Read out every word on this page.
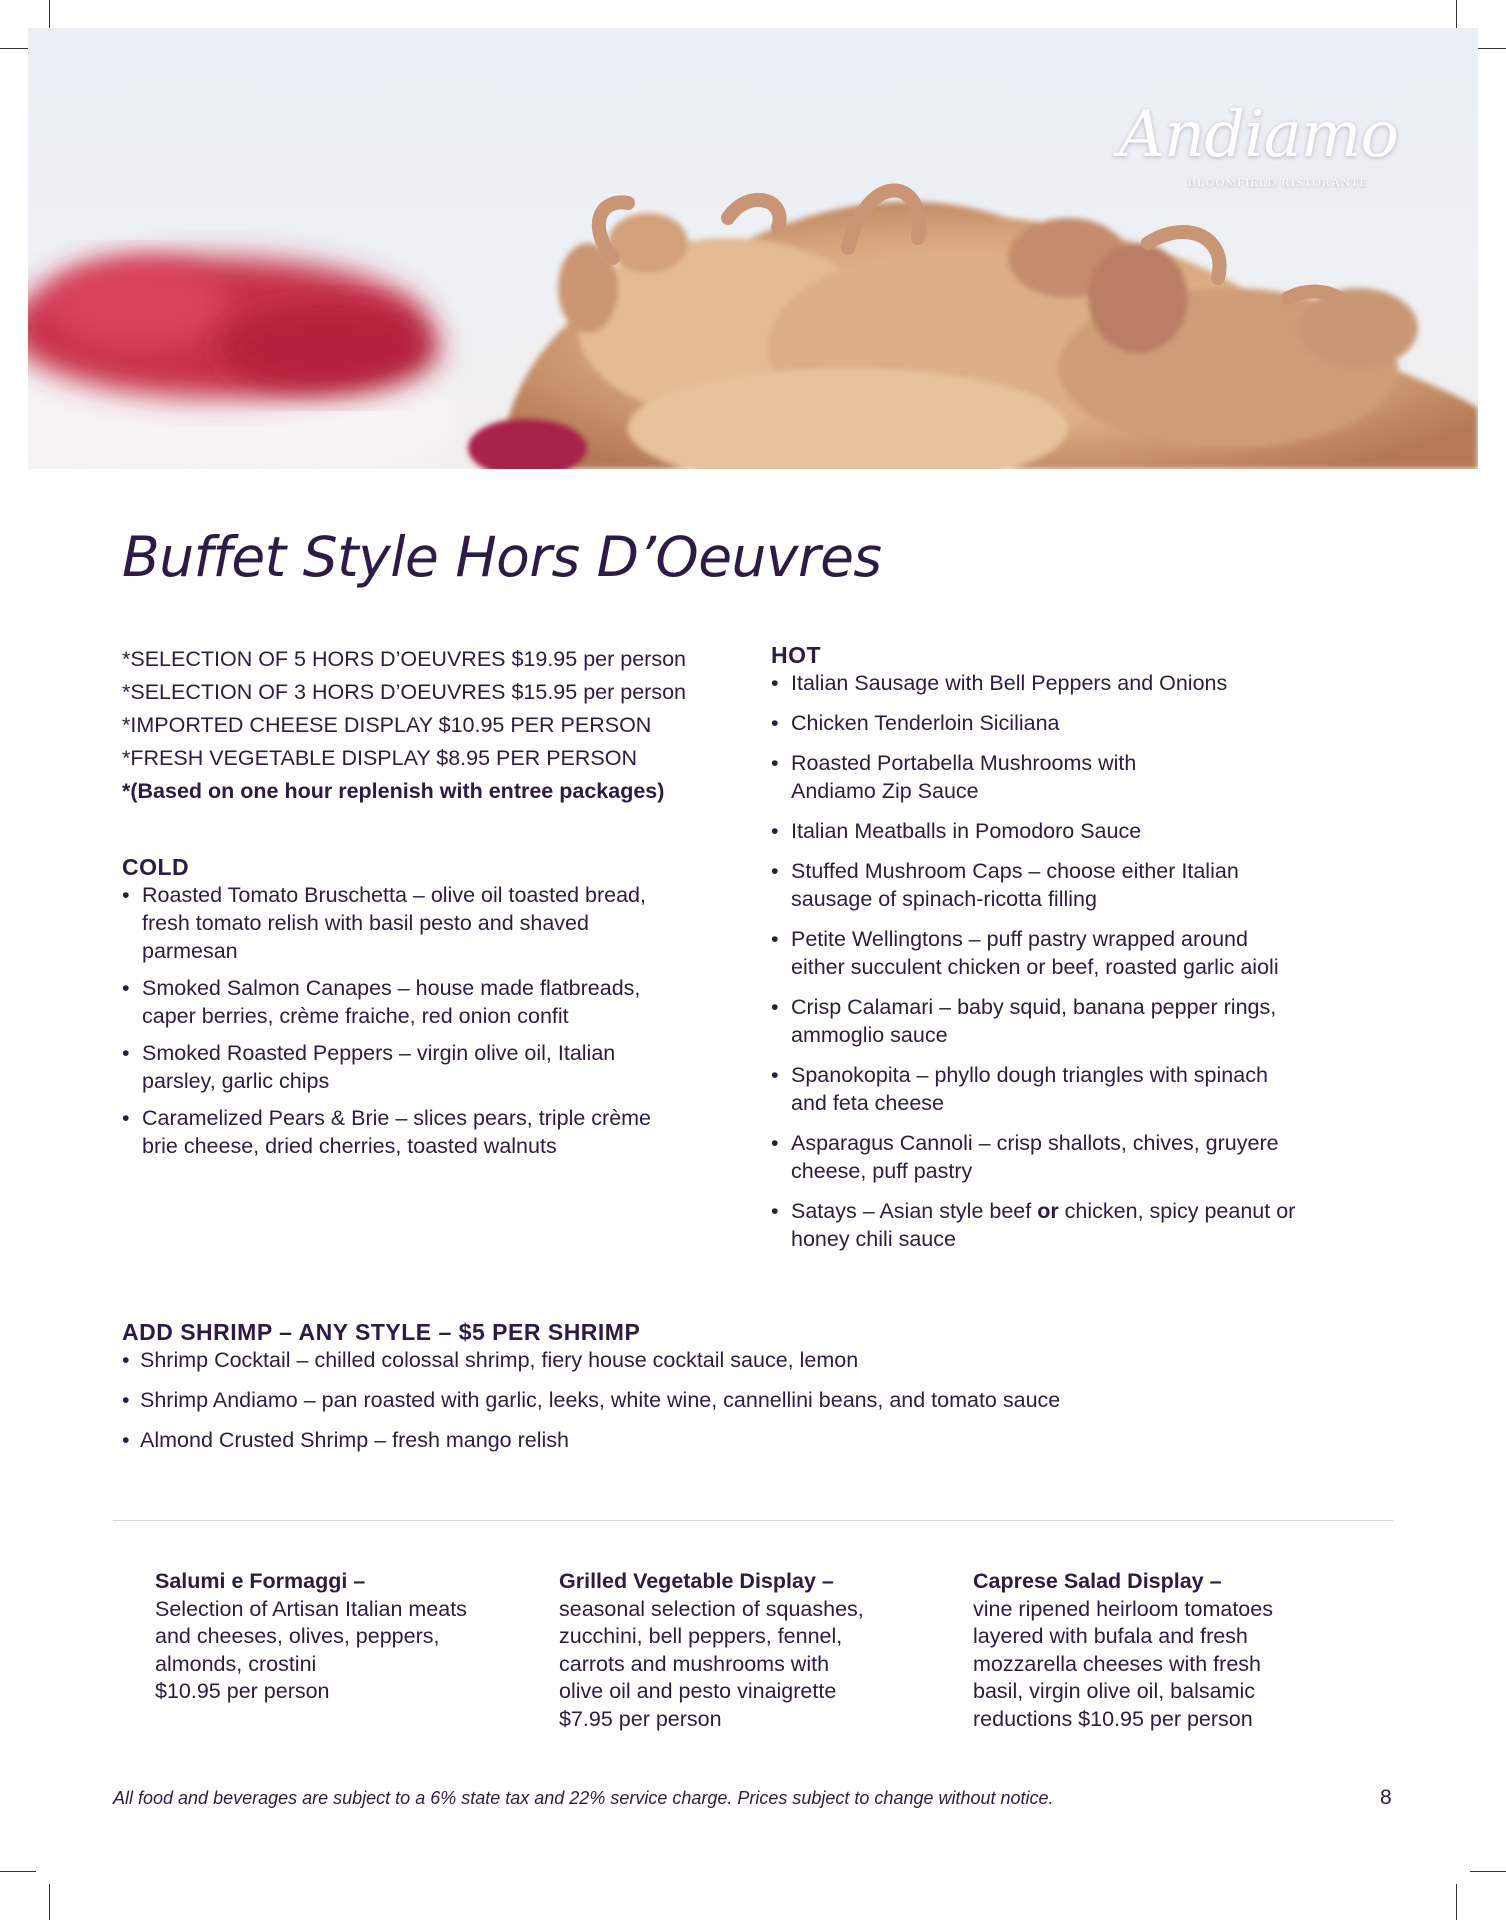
Andiamo
BLOOMFIELD RISTORANTE
Buffet Style Hors D’Oeuvres
*SELECTION OF 5 HORS D’OEUVRES $19.95 per person
*SELECTION OF 3 HORS D’OEUVRES $15.95 per person
*IMPORTED CHEESE DISPLAY $10.95 PER PERSON
*FRESH VEGETABLE DISPLAY $8.95 PER PERSON
*(Based on one hour replenish with entree packages)
COLD
• Roasted Tomato Bruschetta – olive oil toasted bread,
fresh tomato relish with basil pesto and shaved
parmesan
• Smoked Salmon Canapes – house made flatbreads,
caper berries, crème fraiche, red onion confit
• Smoked Roasted Peppers – virgin olive oil, Italian
parsley, garlic chips
• Caramelized Pears & Brie – slices pears, triple crème
brie cheese, dried cherries, toasted walnuts
HOT
• Italian Sausage with Bell Peppers and Onions
• Chicken Tenderloin Siciliana
• Roasted Portabella Mushrooms with
Andiamo Zip Sauce
• Italian Meatballs in Pomodoro Sauce
• Stuffed Mushroom Caps – choose either Italian
sausage of spinach-ricotta filling
• Petite Wellingtons – puff pastry wrapped around
either succulent chicken or beef, roasted garlic aioli
• Crisp Calamari – baby squid, banana pepper rings,
ammoglio sauce
• Spanokopita – phyllo dough triangles with spinach
and feta cheese
• Asparagus Cannoli – crisp shallots, chives, gruyere
cheese, puff pastry
• Satays – Asian style beef or chicken, spicy peanut or
honey chili sauce
ADD SHRIMP – ANY STYLE – $5 PER SHRIMP
• Shrimp Cocktail – chilled colossal shrimp, fiery house cocktail sauce, lemon
• Shrimp Andiamo – pan roasted with garlic, leeks, white wine, cannellini beans, and tomato sauce
• Almond Crusted Shrimp – fresh mango relish
Salumi e Formaggi –
Selection of Artisan Italian meats
and cheeses, olives, peppers,
almonds, crostini
$10.95 per person
Grilled Vegetable Display –
seasonal selection of squashes,
zucchini, bell peppers, fennel,
carrots and mushrooms with
olive oil and pesto vinaigrette
$7.95 per person
Caprese Salad Display –
vine ripened heirloom tomatoes
layered with bufala and fresh
mozzarella cheeses with fresh
basil, virgin olive oil, balsamic
reductions $10.95 per person
All food and beverages are subject to a 6% state tax and 22% service charge. Prices subject to change without notice.	8
